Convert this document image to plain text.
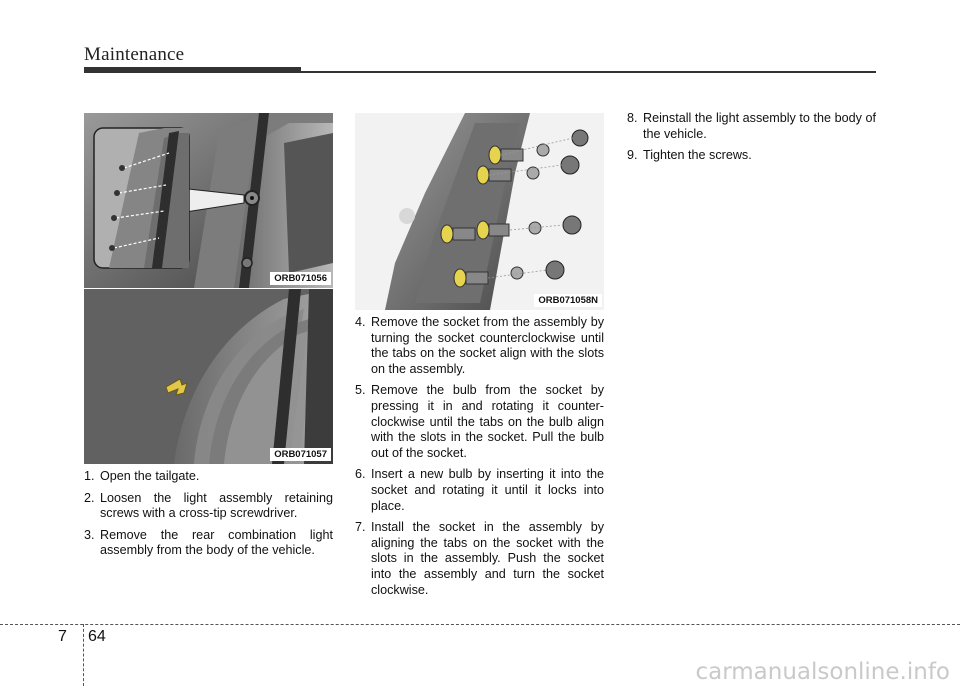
Maintenance
ORB071056
ORB071057
ORB071058N
1. Open the tailgate.
2. Loosen the light assembly retaining screws with a cross-tip screwdriver.
3. Remove the rear combination light assembly from the body of the vehicle.
4. Remove the socket from the assembly by turning the socket counterclockwise until the tabs on the socket align with the slots on the assembly.
5. Remove the bulb from the socket by pressing it in and rotating it counter-clockwise until the tabs on the bulb align with the slots in the socket. Pull the bulb out of the socket.
6. Insert a new bulb by inserting it into the socket and rotating it until it locks into place.
7. Install the socket in the assembly by aligning the tabs on the socket with the slots in the assembly. Push the socket into the assembly and turn the socket clockwise.
8. Reinstall the light assembly to the body of the vehicle.
9. Tighten the screws.
7 64
carmanualsonline.info
